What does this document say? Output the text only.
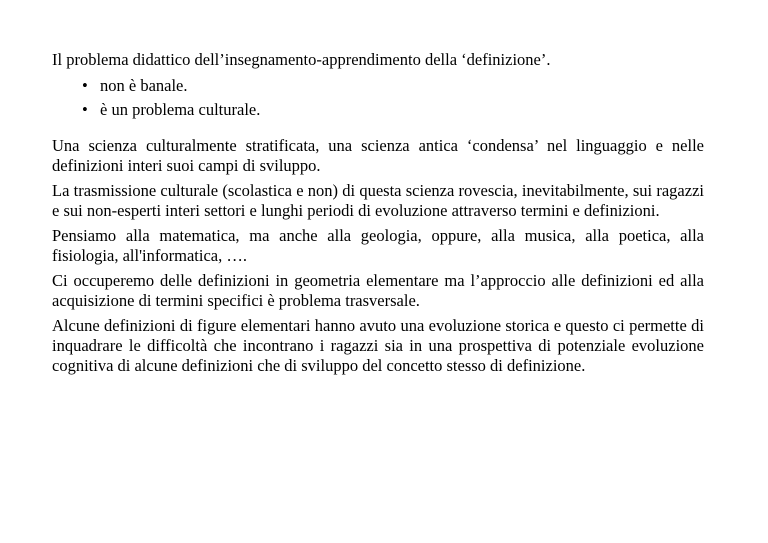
Il problema didattico dell’insegnamento-apprendimento della ‘definizione’.

• non è banale.
• è un problema culturale.

Una scienza culturalmente stratificata, una scienza antica ‘condensa’ nel linguaggio e nelle definizioni interi suoi campi di sviluppo.

La trasmissione culturale (scolastica e non) di questa scienza rovescia, inevitabilmente, sui ragazzi e sui non-esperti interi settori e lunghi periodi di evoluzione attraverso termini e definizioni.

Pensiamo alla matematica, ma anche alla geologia, oppure, alla musica, alla poetica, alla fisiologia, all'informatica, ….

Ci occuperemo delle definizioni in geometria elementare ma l’approccio alle definizioni ed alla acquisizione di termini specifici è problema trasversale.

Alcune definizioni di figure elementari hanno avuto una evoluzione storica e questo ci permette di inquadrare le difficoltà che incontrano i ragazzi sia in una prospettiva di potenziale evoluzione cognitiva di alcune definizioni che di sviluppo del concetto stesso di definizione.
